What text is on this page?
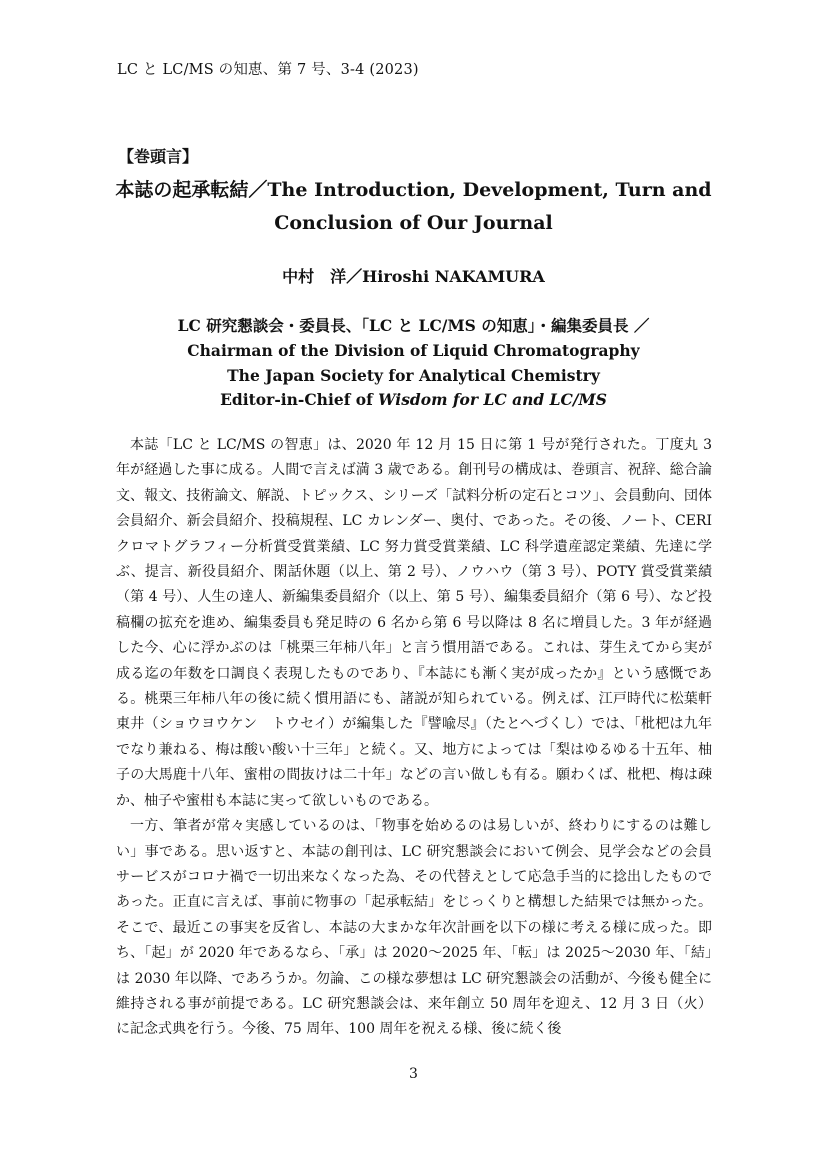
LC と LC/MS の知恵、第 7 号、3-4 (2023)
【巻頭言】
本誌の起承転結／The Introduction, Development, Turn and
Conclusion of Our Journal
中村　洋／Hiroshi NAKAMURA
LC 研究懇談会・委員長、「LC と LC/MS の知恵」・編集委員長 ／
Chairman of the Division of Liquid Chromatography
The Japan Society for Analytical Chemistry
Editor-in-Chief of Wisdom for LC and LC/MS

本誌「LC と LC/MS の智恵」は、2020 年 12 月 15 日に第 1 号が発行された。丁度丸 3 年が経過した事に成る。人間で言えば満 3 歳である。創刊号の構成は、巻頭言、祝辞、総合論文、報文、技術論文、解説、トピックス、シリーズ「試料分析の定石とコツ」、会員動向、団体会員紹介、新会員紹介、投稿規程、LC カレンダー、奥付、であった。その後、ノート、CERI クロマトグラフィー分析賞受賞業績、LC 努力賞受賞業績、LC 科学遺産認定業績、先達に学ぶ、提言、新役員紹介、閑話休題（以上、第 2 号）、ノウハウ（第 3 号）、POTY 賞受賞業績（第 4 号）、人生の達人、新編集委員紹介（以上、第 5 号）、編集委員紹介（第 6 号）、など投稿欄の拡充を進め、編集委員も発足時の 6 名から第 6 号以降は 8 名に増員した。3 年が経過した今、心に浮かぶのは「桃栗三年柿八年」と言う慣用語である。これは、芽生えてから実が成る迄の年数を口調良く表現したものであり、『本誌にも漸く実が成ったか』という感慨である。桃栗三年柿八年の後に続く慣用語にも、諸説が知られている。例えば、江戸時代に松葉軒東井（ショウヨウケン　トウセイ）が編集した『譬喩尽』（たとへづくし）では、「枇杷は九年でなり兼ねる、梅は酸い酸い十三年」と続く。又、地方によっては「梨はゆるゆる十五年、柚子の大馬鹿十八年、蜜柑の間抜けは二十年」などの言い做しも有る。願わくば、枇杷、梅は疎か、柚子や蜜柑も本誌に実って欲しいものである。

一方、筆者が常々実感しているのは、「物事を始めるのは易しいが、終わりにするのは難しい」事である。思い返すと、本誌の創刊は、LC 研究懇談会において例会、見学会などの会員サービスがコロナ禍で一切出来なくなった為、その代替えとして応急手当的に捻出したものであった。正直に言えば、事前に物事の「起承転結」をじっくりと構想した結果では無かった。そこで、最近この事実を反省し、本誌の大まかな年次計画を以下の様に考える様に成った。即ち、「起」が 2020 年であるなら、「承」は 2020〜2025 年、「転」は 2025〜2030 年、「結」は 2030 年以降、であろうか。勿論、この様な夢想は LC 研究懇談会の活動が、今後も健全に維持される事が前提である。LC 研究懇談会は、来年創立 50 周年を迎え、12 月 3 日（火）に記念式典を行う。今後、75 周年、100 周年を祝える様、後に続く後

3
